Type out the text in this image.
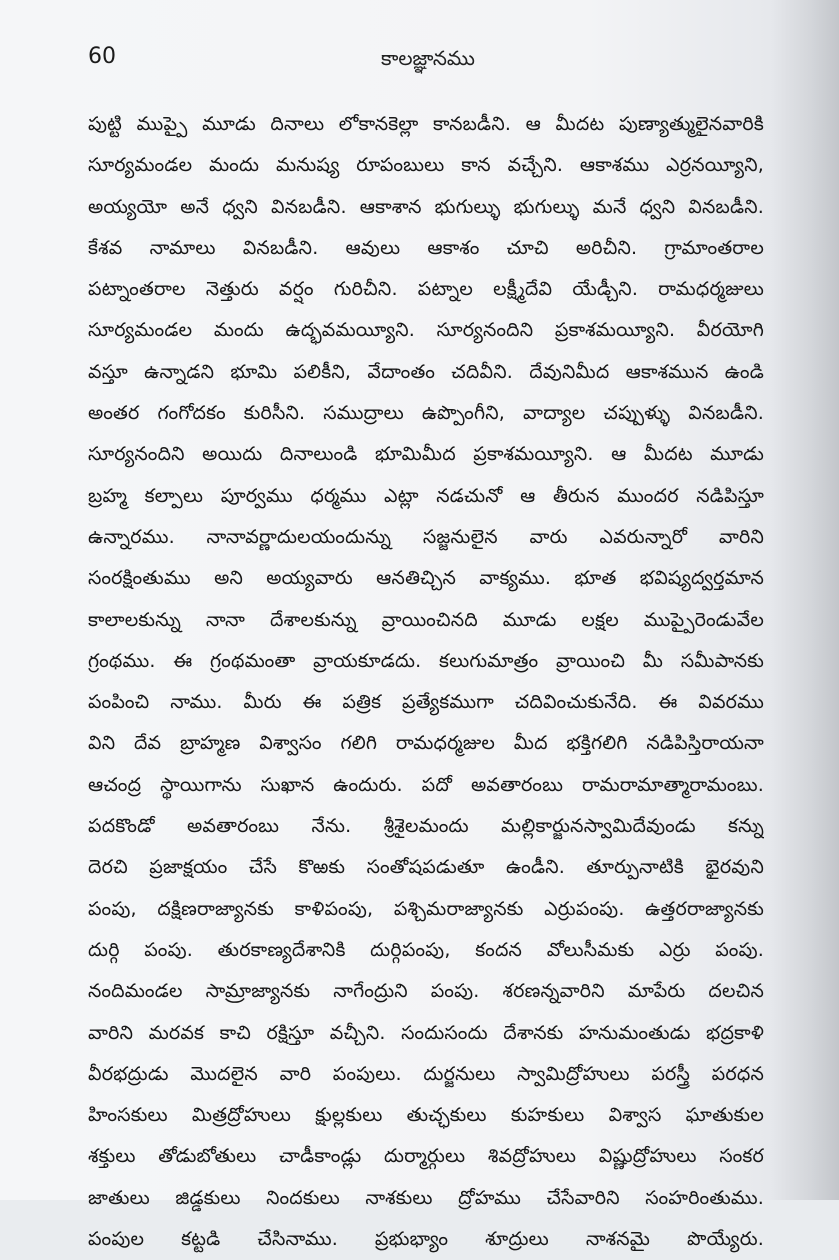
60	కాలజ్ఞానము
పుట్టి ముప్పై మూడు దినాలు లోకానకెల్లా కానబడీని. ఆ మీదట పుణ్యాత్ములైనవారికి
సూర్యమండల మందు మనుష్య రూపంబులు కాన వచ్చేని. ఆకాశము ఎర్రనయ్యీని,
అయ్యయో అనే ధ్వని వినబడీని. ఆకాశాన భుగుల్ళు భుగుల్ళు మనే ధ్వని వినబడీని.
కేశవ నామాలు వినబడీని. ఆవులు ఆకాశం చూచి అరిచీని. గ్రామాంతరాల
పట్నాంతరాల నెత్తురు వర్షం గురిచీని. పట్నాల లక్ష్మీదేవి యేడ్చీని. రామధర్మజులు
సూర్యమండల మందు ఉద్భవమయ్యీని. సూర్యనందిని ప్రకాశమయ్యీని. వీరయోగి
వస్తూ ఉన్నాడని భూమి పలికీని, వేదాంతం చదివీని. దేవునిమీద ఆకాశమున ఉండి
అంతర గంగోదకం కురిసీని. సముద్రాలు ఉప్పొంగీని, వాద్యాల చప్పుళ్ళు వినబడీని.
సూర్యనందిని అయిదు దినాలుండి భూమిమీద ప్రకాశమయ్యీని. ఆ మీదట మూడు
బ్రహ్మ కల్పాలు పూర్వము ధర్మము ఎట్లా నడచునో ఆ తీరున ముందర నడిపిస్తూ
ఉన్నారము. నానావర్ణాదులయందున్ను సజ్జనులైన వారు ఎవరున్నారో వారిని
సంరక్షింతుము అని అయ్యవారు ఆనతిచ్చిన వాక్యము. భూత భవిష్యద్వర్తమాన
కాలాలకున్ను నానా దేశాలకున్ను వ్రాయించినది మూడు లక్షల ముప్పైరెండువేల
గ్రంథము. ఈ గ్రంథమంతా వ్రాయకూడదు. కలుగుమాత్రం వ్రాయించి మీ సమీపానకు
పంపించి నాము. మీరు ఈ పత్రిక ప్రత్యేకముగా చదివించుకునేది. ఈ వివరము
విని దేవ బ్రాహ్మణ విశ్వాసం గలిగి రామధర్మజుల మీద భక్తిగలిగి నడిపిస్తిరాయనా
ఆచంద్ర స్థాయిగాను సుఖాన ఉందురు. పదో అవతారంబు రామరామాత్మారామంబు.
పదకొండో అవతారంబు నేను. శ్రీశైలమందు మల్లికార్జునస్వామిదేవుండు కన్ను
దెరచి ప్రజాక్షయం చేసే కొఱకు సంతోషపడుతూ ఉండీని. తూర్పునాటికి భైరవుని
పంపు, దక్షిణరాజ్యానకు కాళిపంపు, పశ్చిమరాజ్యానకు ఎర్రుపంపు. ఉత్తరరాజ్యానకు
దుర్గి పంపు. తురకాణ్యదేశానికి దుర్గిపంపు, కందన వోలుసీమకు ఎర్రు పంపు.
నందిమండల సామ్రాజ్యానకు నాగేంద్రుని పంపు. శరణన్నవారిని మాపేరు దలచిన
వారిని మరవక కాచి రక్షిస్తూ వచ్చీని. సందుసందు దేశానకు హనుమంతుడు భద్రకాళి
వీరభద్రుడు మొదలైన వారి పంపులు. దుర్జనులు స్వామిద్రోహులు పరస్త్రీ పరధన
హింసకులు మిత్రద్రోహులు క్షుల్లకులు తుచ్ఛకులు కుహకులు విశ్వాస ఘాతుకుల
శక్తులు తోడుబోతులు చాడీకాండ్లు దుర్మార్గులు శివద్రోహులు విష్ణుద్రోహులు సంకర
జాతులు జిడ్డకులు నిందకులు నాశకులు ద్రోహము చేసేవారిని సంహరింతుము.
పంపుల కట్టడి చేసినాము. ప్రభుభ్యాం శూద్రులు నాశనమై పొయ్యేరు.
